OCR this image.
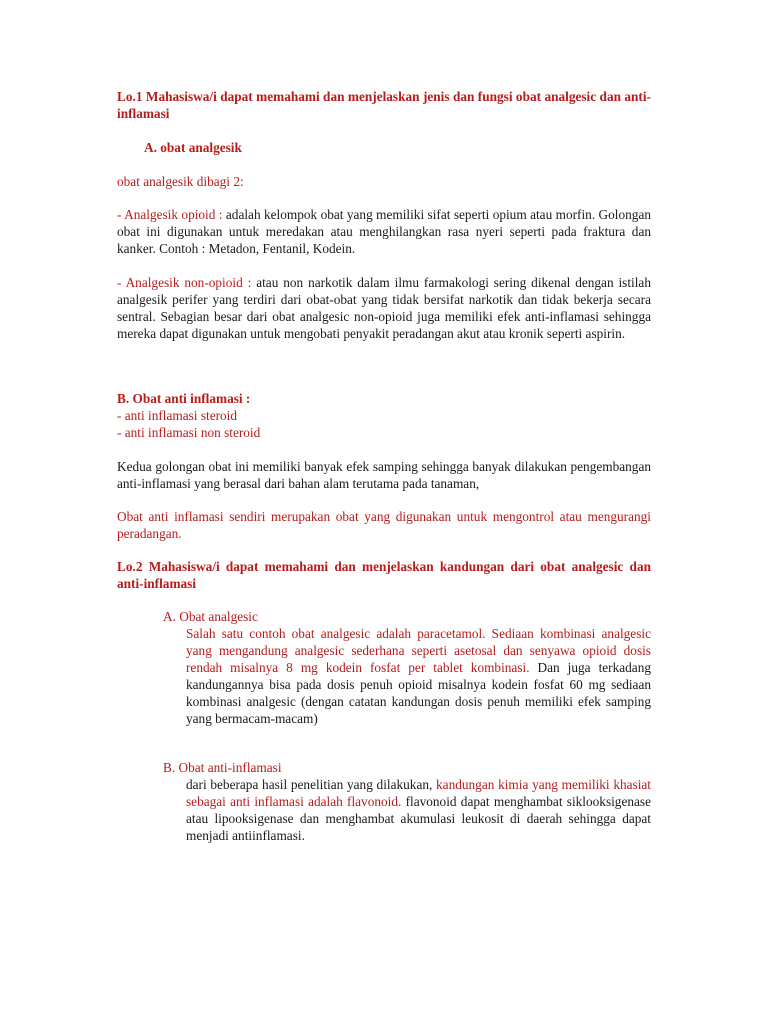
Lo.1 Mahasiswa/i dapat memahami dan menjelaskan jenis dan fungsi obat analgesic dan anti-inflamasi

A. obat analgesik

obat analgesik dibagi 2:

- Analgesik opioid : adalah kelompok obat yang memiliki sifat seperti opium atau morfin. Golongan obat ini digunakan untuk meredakan atau menghilangkan rasa nyeri seperti pada fraktura dan kanker. Contoh : Metadon, Fentanil, Kodein.

- Analgesik non-opioid : atau non narkotik dalam ilmu farmakologi sering dikenal dengan istilah analgesik perifer yang terdiri dari obat-obat yang tidak bersifat narkotik dan tidak bekerja secara sentral. Sebagian besar dari obat analgesic non-opioid juga memiliki efek anti-inflamasi sehingga mereka dapat digunakan untuk mengobati penyakit peradangan akut atau kronik seperti aspirin.

B. Obat anti inflamasi :

- anti inflamasi steroid

- anti inflamasi non steroid

Kedua golongan obat ini memiliki banyak efek samping sehingga banyak dilakukan pengembangan anti-inflamasi yang berasal dari bahan alam terutama pada tanaman,

Obat anti inflamasi sendiri merupakan obat yang digunakan untuk mengontrol atau mengurangi peradangan.

Lo.2 Mahasiswa/i dapat memahami dan menjelaskan kandungan dari obat analgesic dan anti-inflamasi

A. Obat analgesic

Salah satu contoh obat analgesic adalah paracetamol. Sediaan kombinasi analgesic yang mengandung analgesic sederhana seperti asetosal dan senyawa opioid dosis rendah misalnya 8 mg kodein fosfat per tablet kombinasi. Dan juga terkadang kandungannya bisa pada dosis penuh opioid misalnya kodein fosfat 60 mg sediaan kombinasi analgesic (dengan catatan kandungan dosis penuh memiliki efek samping yang bermacam-macam)

B. Obat anti-inflamasi

dari beberapa hasil penelitian yang dilakukan, kandungan kimia yang memiliki khasiat sebagai anti inflamasi adalah flavonoid. flavonoid dapat menghambat siklooksigenase atau lipooksigenase dan menghambat akumulasi leukosit di daerah sehingga dapat menjadi antiinflamasi.
